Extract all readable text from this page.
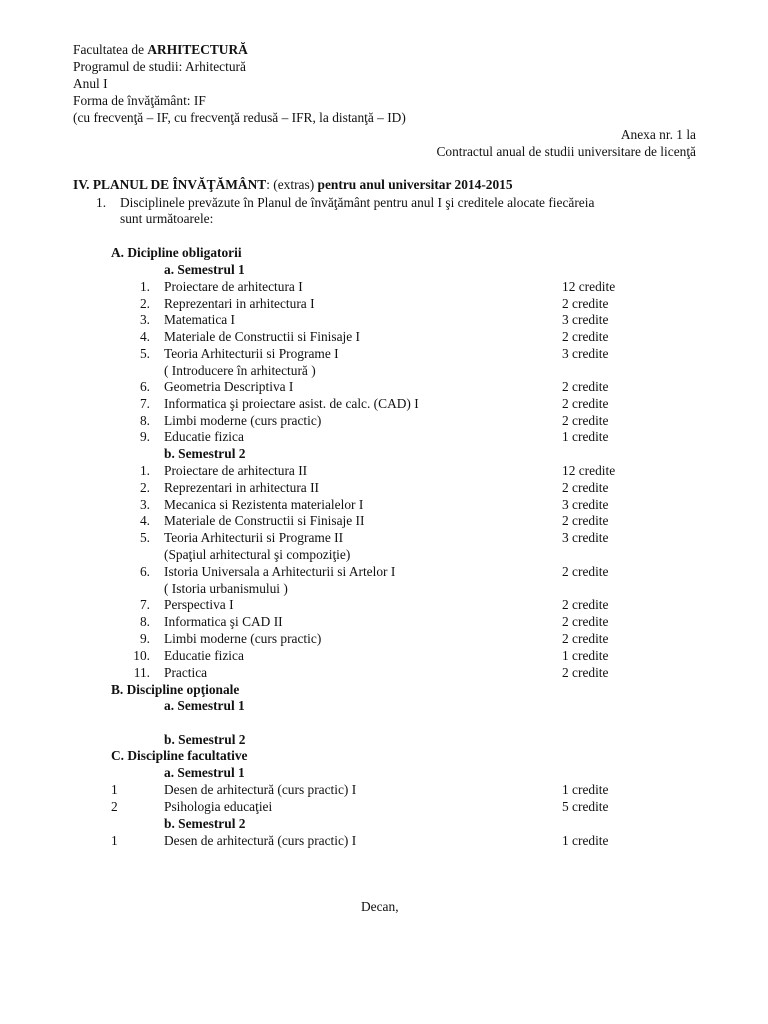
Facultatea de ARHITECTURĂ
Programul de studii: Arhitectură
Anul I
Forma de învăţământ: IF
(cu frecvenţă – IF, cu frecvenţă redusă – IFR, la distanţă – ID)
Anexa nr. 1 la
Contractul anual de studii universitare de licenţă
IV. PLANUL DE ÎNVĂŢĂMÂNT: (extras) pentru anul universitar 2014-2015
1. Disciplinele prevăzute în Planul de învăţământ pentru anul I şi creditele alocate fiecăreia
sunt următoarele:
A. Dicipline obligatorii
a. Semestrul 1
1. Proiectare de arhitectura I	12 credite
2. Reprezentari in arhitectura I	2 credite
3. Matematica I	3 credite
4. Materiale de Constructii si Finisaje I	2 credite
5. Teoria Arhitecturii si Programe I	3 credite
( Introducere în arhitectură )
6. Geometria Descriptiva I	2 credite
7. Informatica şi proiectare asist. de calc. (CAD) I	2 credite
8. Limbi moderne (curs practic)	2 credite
9. Educatie fizica	1 credite
b. Semestrul 2
1. Proiectare de arhitectura II	12 credite
2. Reprezentari in arhitectura II	2 credite
3. Mecanica si Rezistenta materialelor I	3 credite
4. Materiale de Constructii si Finisaje II	2 credite
5. Teoria Arhitecturii si Programe II	3 credite
(Spaţiul arhitectural şi compoziţie)
6. Istoria Universala a Arhitecturii si Artelor I	2 credite
( Istoria urbanismului )
7. Perspectiva I	2 credite
8. Informatica şi CAD II	2 credite
9. Limbi moderne (curs practic)	2 credite
10. Educatie fizica	1 credite
11. Practica	2 credite
B. Discipline opţionale
a. Semestrul 1
b. Semestrul 2
C. Discipline facultative
a. Semestrul 1
1	Desen de arhitectură (curs practic) I	1 credite
2	Psihologia educaţiei	5 credite
b. Semestrul 2
1	Desen de arhitectură (curs practic) I	1 credite
Decan,
